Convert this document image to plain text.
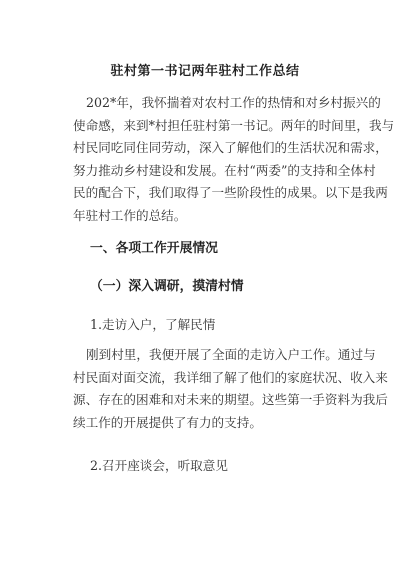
驻村第一书记两年驻村工作总结
202*年，我怀揣着对农村工作的热情和对乡村振兴的
使命感，来到*村担任驻村第一书记。两年的时间里，我与
村民同吃同住同劳动，深入了解他们的生活状况和需求，
努力推动乡村建设和发展。在村“两委”的支持和全体村
民的配合下，我们取得了一些阶段性的成果。以下是我两
年驻村工作的总结。
一、各项工作开展情况
（一）深入调研，摸清村情
1.走访入户，了解民情
刚到村里，我便开展了全面的走访入户工作。通过与
村民面对面交流，我详细了解了他们的家庭状况、收入来
源、存在的困难和对未来的期望。这些第一手资料为我后
续工作的开展提供了有力的支持。
2.召开座谈会，听取意见
